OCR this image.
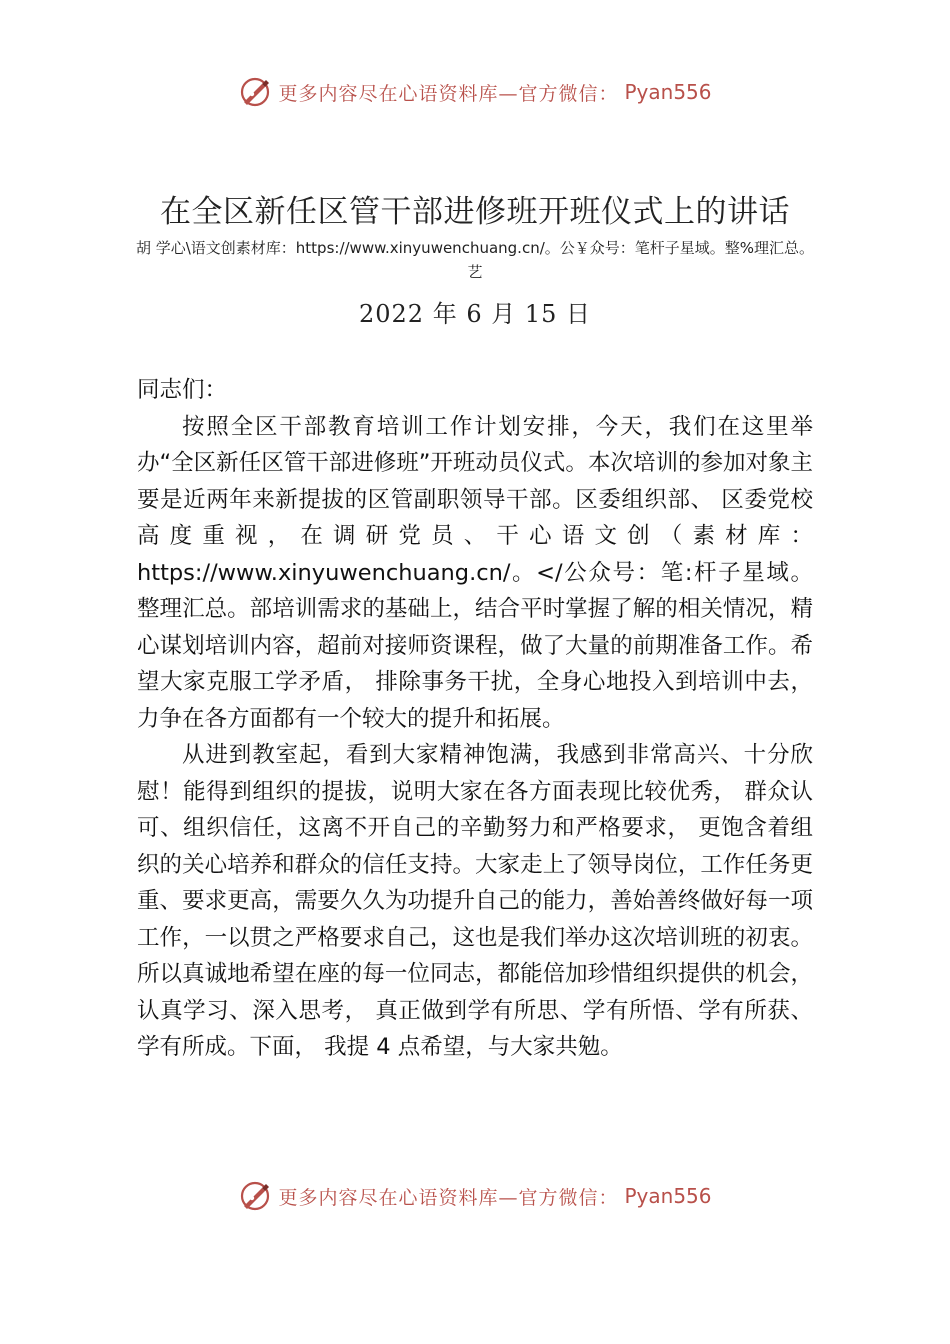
更多内容尽在心语资料库—官方微信： Pyan556
在全区新任区管干部进修班开班仪式上的讲话
胡 学心\语文创素材库：https://www.xinyuwenchuang.cn/。公￥众号：笔杆子星域。整%理汇总。 艺
2022 年 6 月 15 日

同志们：

按照全区干部教育培训工作计划安排，今天，我们在这里举办“全区新任区管干部进修班”开班动员仪式。本次培训的参加对象主要是近两年来新提拔的区管副职领导干部。区委组织部、 区委党校高度重视，在调研党员、干心语文创（素材库：https://www.xinyuwenchuang.cn/。</公众号：笔:杆子星域。整理汇总。部培训需求的基础上，结合平时掌握了解的相关情况，精心谋划培训内容，超前对接师资课程，做了大量的前期准备工作。希望大家克服工学矛盾， 排除事务干扰，全身心地投入到培训中去，力争在各方面都有一个较大的提升和拓展。

从进到教室起，看到大家精神饱满，我感到非常高兴、十分欣慰！能得到组织的提拔，说明大家在各方面表现比较优秀， 群众认可、组织信任，这离不开自己的辛勤努力和严格要求， 更饱含着组织的关心培养和群众的信任支持。大家走上了领导岗位，工作任务更重、要求更高，需要久久为功提升自己的能力，善始善终做好每一项工作，一以贯之严格要求自己，这也是我们举办这次培训班的初衷。所以真诚地希望在座的每一位同志，都能倍加珍惜组织提供的机会，认真学习、深入思考， 真正做到学有所思、学有所悟、学有所获、学有所成。下面， 我提 4 点希望，与大家共勉。

更多内容尽在心语资料库—官方微信： Pyan556
